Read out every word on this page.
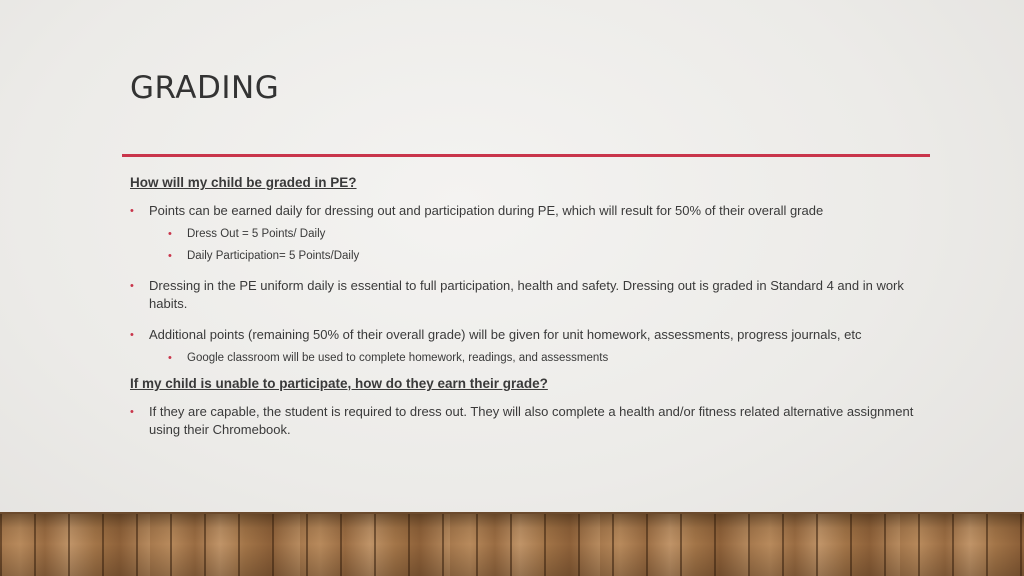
GRADING
How will my child be graded in PE?
• Points can be earned daily for dressing out and participation during PE, which will result for 50% of their overall grade
• Dress Out = 5 Points/ Daily
• Daily Participation= 5 Points/Daily
• Dressing in the PE uniform daily is essential to full participation, health and safety. Dressing out is graded in Standard 4 and in work habits.
• Additional points (remaining 50% of their overall grade) will be given for unit homework, assessments, progress journals, etc
• Google classroom will be used to complete homework, readings, and assessments
If my child is unable to participate, how do they earn their grade?
• If they are capable, the student is required to dress out. They will also complete a health and/or fitness related alternative assignment using their Chromebook.
